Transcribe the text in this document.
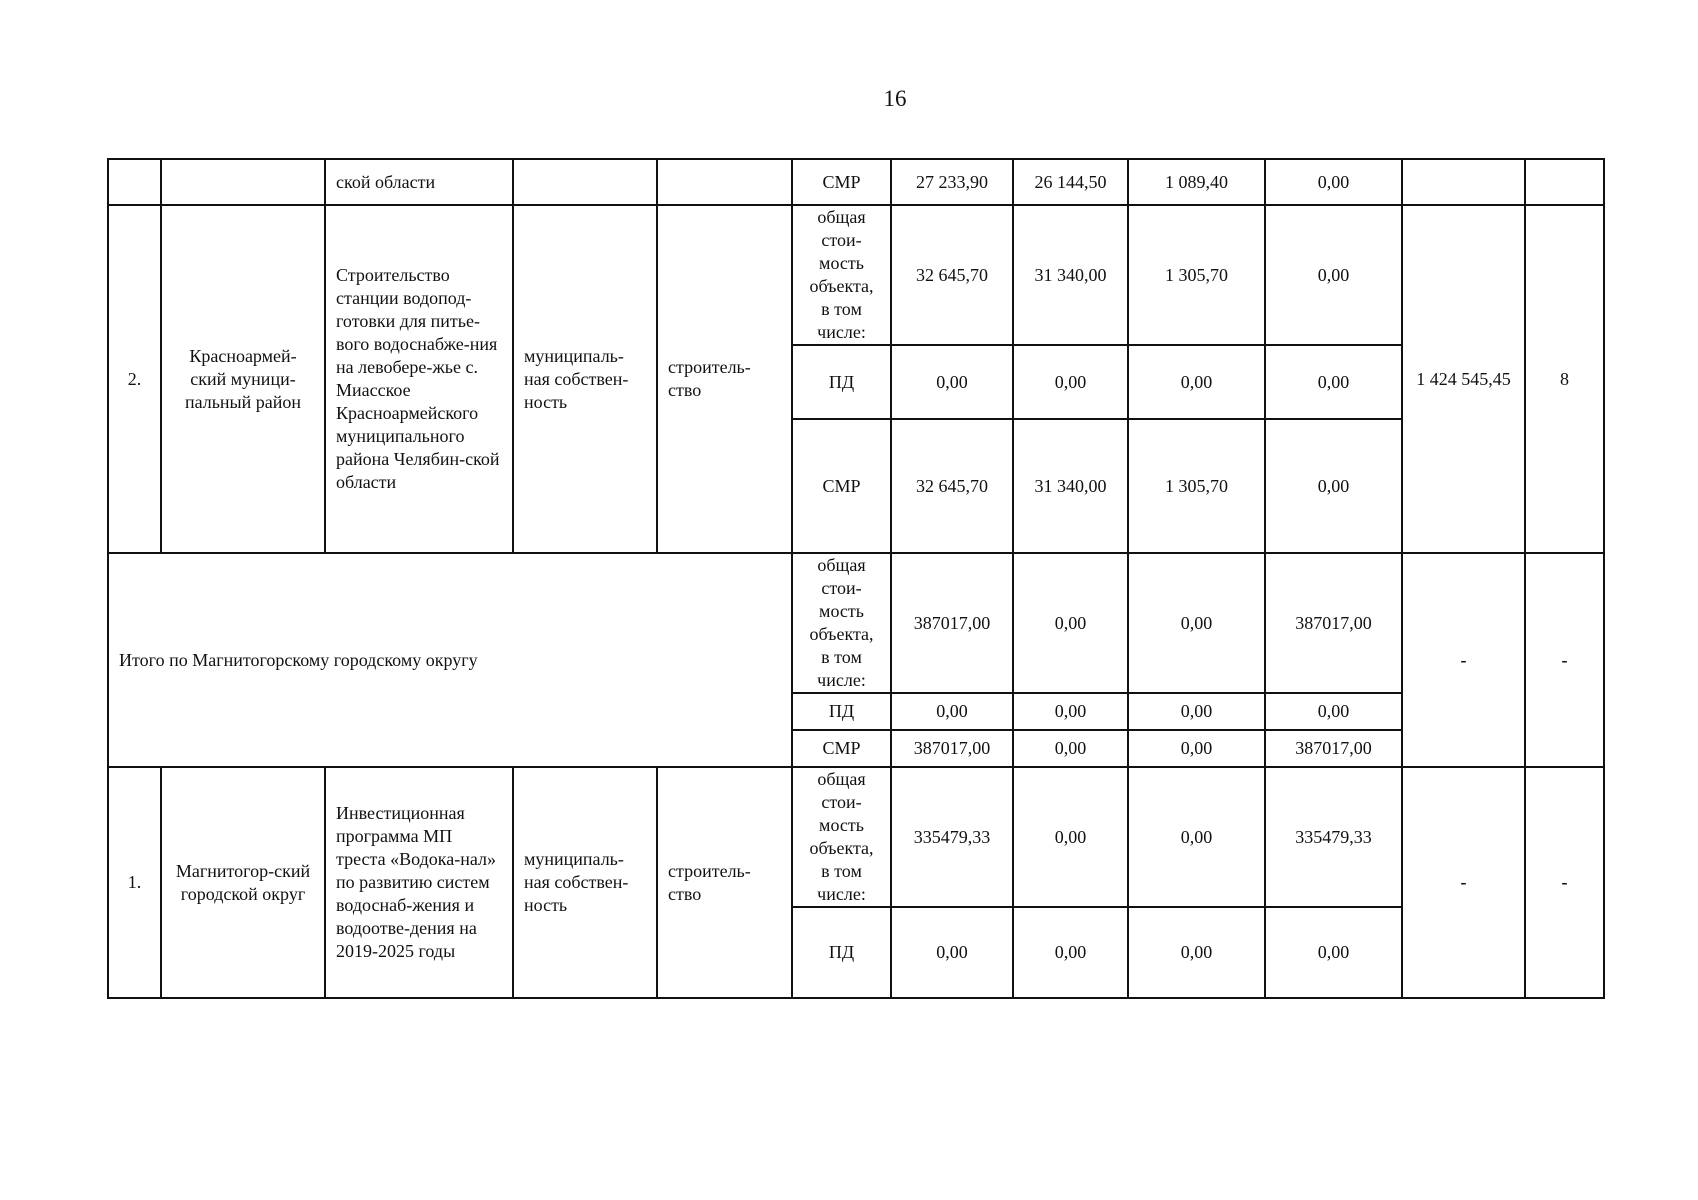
16
		ской области			СМР	27 233,90	26 144,50	1 089,40	0,00		
2.	Красноармей-ский муници-пальный район	Строительство станции водопод-готовки для питье-вого водоснабже-ния на левобере-жье с. Миасское Красноармейского муниципального района Челябин-ской области	муниципаль-ная собствен-ность	строитель-ство	общая стои-мость объекта, в том числе:	32 645,70	31 340,00	1 305,70	0,00	1 424 545,45	8
					ПД	0,00	0,00	0,00	0,00		
					СМР	32 645,70	31 340,00	1 305,70	0,00		
Итого по Магнитогорскому городскому округу					общая стои-мость объекта, в том числе:	387017,00	0,00	0,00	387017,00	-	-
					ПД	0,00	0,00	0,00	0,00		
					СМР	387017,00	0,00	0,00	387017,00		
1.	Магнитогор-ский городской округ	Инвестиционная программа МП треста «Водока-нал» по развитию систем водоснаб-жения и водоотве-дения на 2019-2025 годы	муниципаль-ная собствен-ность	строитель-ство	общая стои-мость объекта, в том числе:	335479,33	0,00	0,00	335479,33	-	-
					ПД	0,00	0,00	0,00	0,00		
